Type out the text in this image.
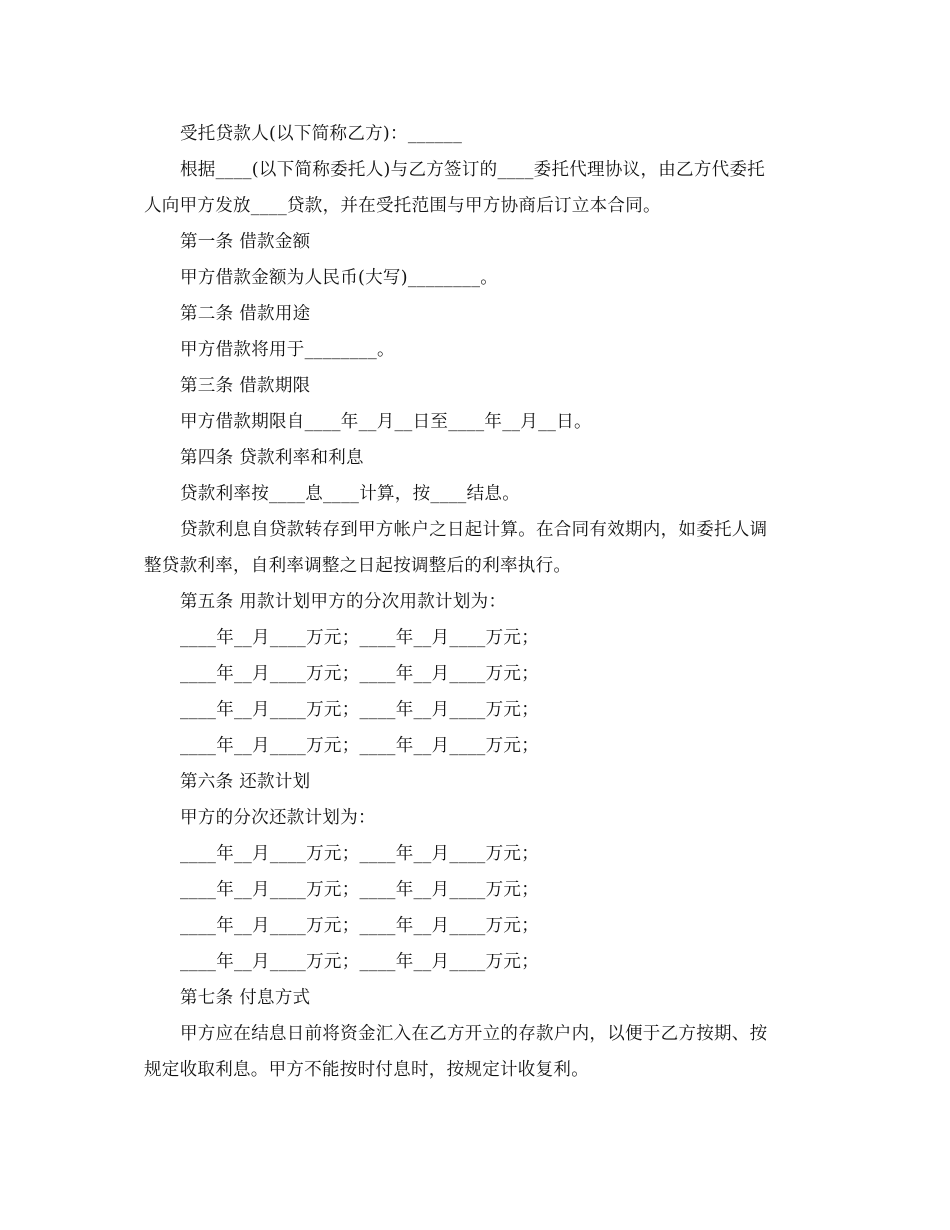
受托贷款人(以下简称乙方)：______
根据____(以下简称委托人)与乙方签订的____委托代理协议，由乙方代委托
人向甲方发放____贷款，并在受托范围与甲方协商后订立本合同。
第一条 借款金额
甲方借款金额为人民币(大写)________。
第二条 借款用途
甲方借款将用于________。
第三条 借款期限
甲方借款期限自____年__月__日至____年__月__日。
第四条 贷款利率和利息
贷款利率按____息____计算，按____结息。
贷款利息自贷款转存到甲方帐户之日起计算。在合同有效期内，如委托人调
整贷款利率，自利率调整之日起按调整后的利率执行。
第五条 用款计划甲方的分次用款计划为：
____年__月____万元；____年__月____万元；
____年__月____万元；____年__月____万元；
____年__月____万元；____年__月____万元；
____年__月____万元；____年__月____万元；
第六条 还款计划
甲方的分次还款计划为：
____年__月____万元；____年__月____万元；
____年__月____万元；____年__月____万元；
____年__月____万元；____年__月____万元；
____年__月____万元；____年__月____万元；
第七条 付息方式
甲方应在结息日前将资金汇入在乙方开立的存款户内，以便于乙方按期、按
规定收取利息。甲方不能按时付息时，按规定计收复利。
